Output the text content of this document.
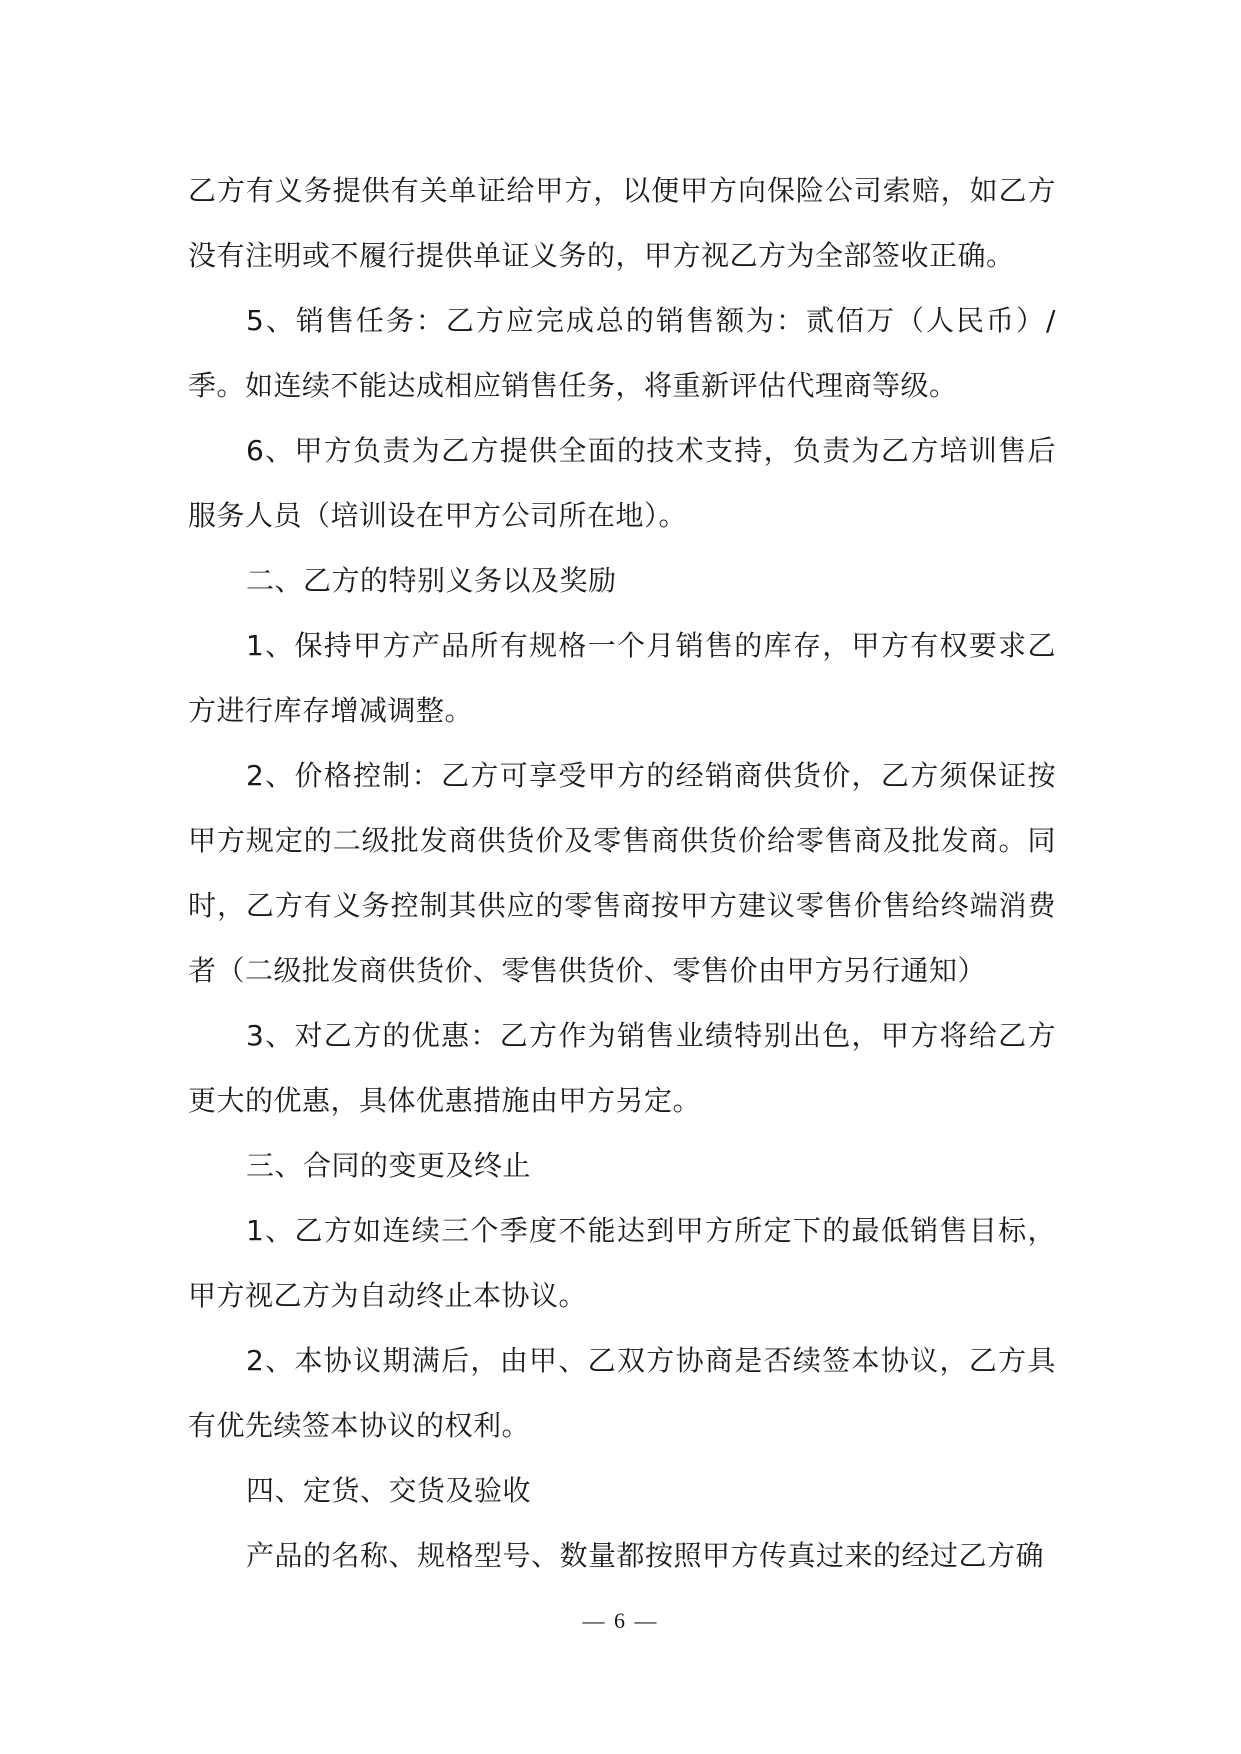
乙方有义务提供有关单证给甲方，以便甲方向保险公司索赔，如乙方没有注明或不履行提供单证义务的，甲方视乙方为全部签收正确。

5、销售任务：乙方应完成总的销售额为：贰佰万（人民币）/季。如连续不能达成相应销售任务，将重新评估代理商等级。

6、甲方负责为乙方提供全面的技术支持，负责为乙方培训售后服务人员（培训设在甲方公司所在地）。

二、乙方的特别义务以及奖励

1、保持甲方产品所有规格一个月销售的库存，甲方有权要求乙方进行库存增减调整。

2、价格控制：乙方可享受甲方的经销商供货价，乙方须保证按甲方规定的二级批发商供货价及零售商供货价给零售商及批发商。同时，乙方有义务控制其供应的零售商按甲方建议零售价售给终端消费者（二级批发商供货价、零售供货价、零售价由甲方另行通知）

3、对乙方的优惠：乙方作为销售业绩特别出色，甲方将给乙方更大的优惠，具体优惠措施由甲方另定。

三、合同的变更及终止

1、乙方如连续三个季度不能达到甲方所定下的最低销售目标，甲方视乙方为自动终止本协议。

2、本协议期满后，由甲、乙双方协商是否续签本协议，乙方具有优先续签本协议的权利。

四、定货、交货及验收

产品的名称、规格型号、数量都按照甲方传真过来的经过乙方确

— 6 —
